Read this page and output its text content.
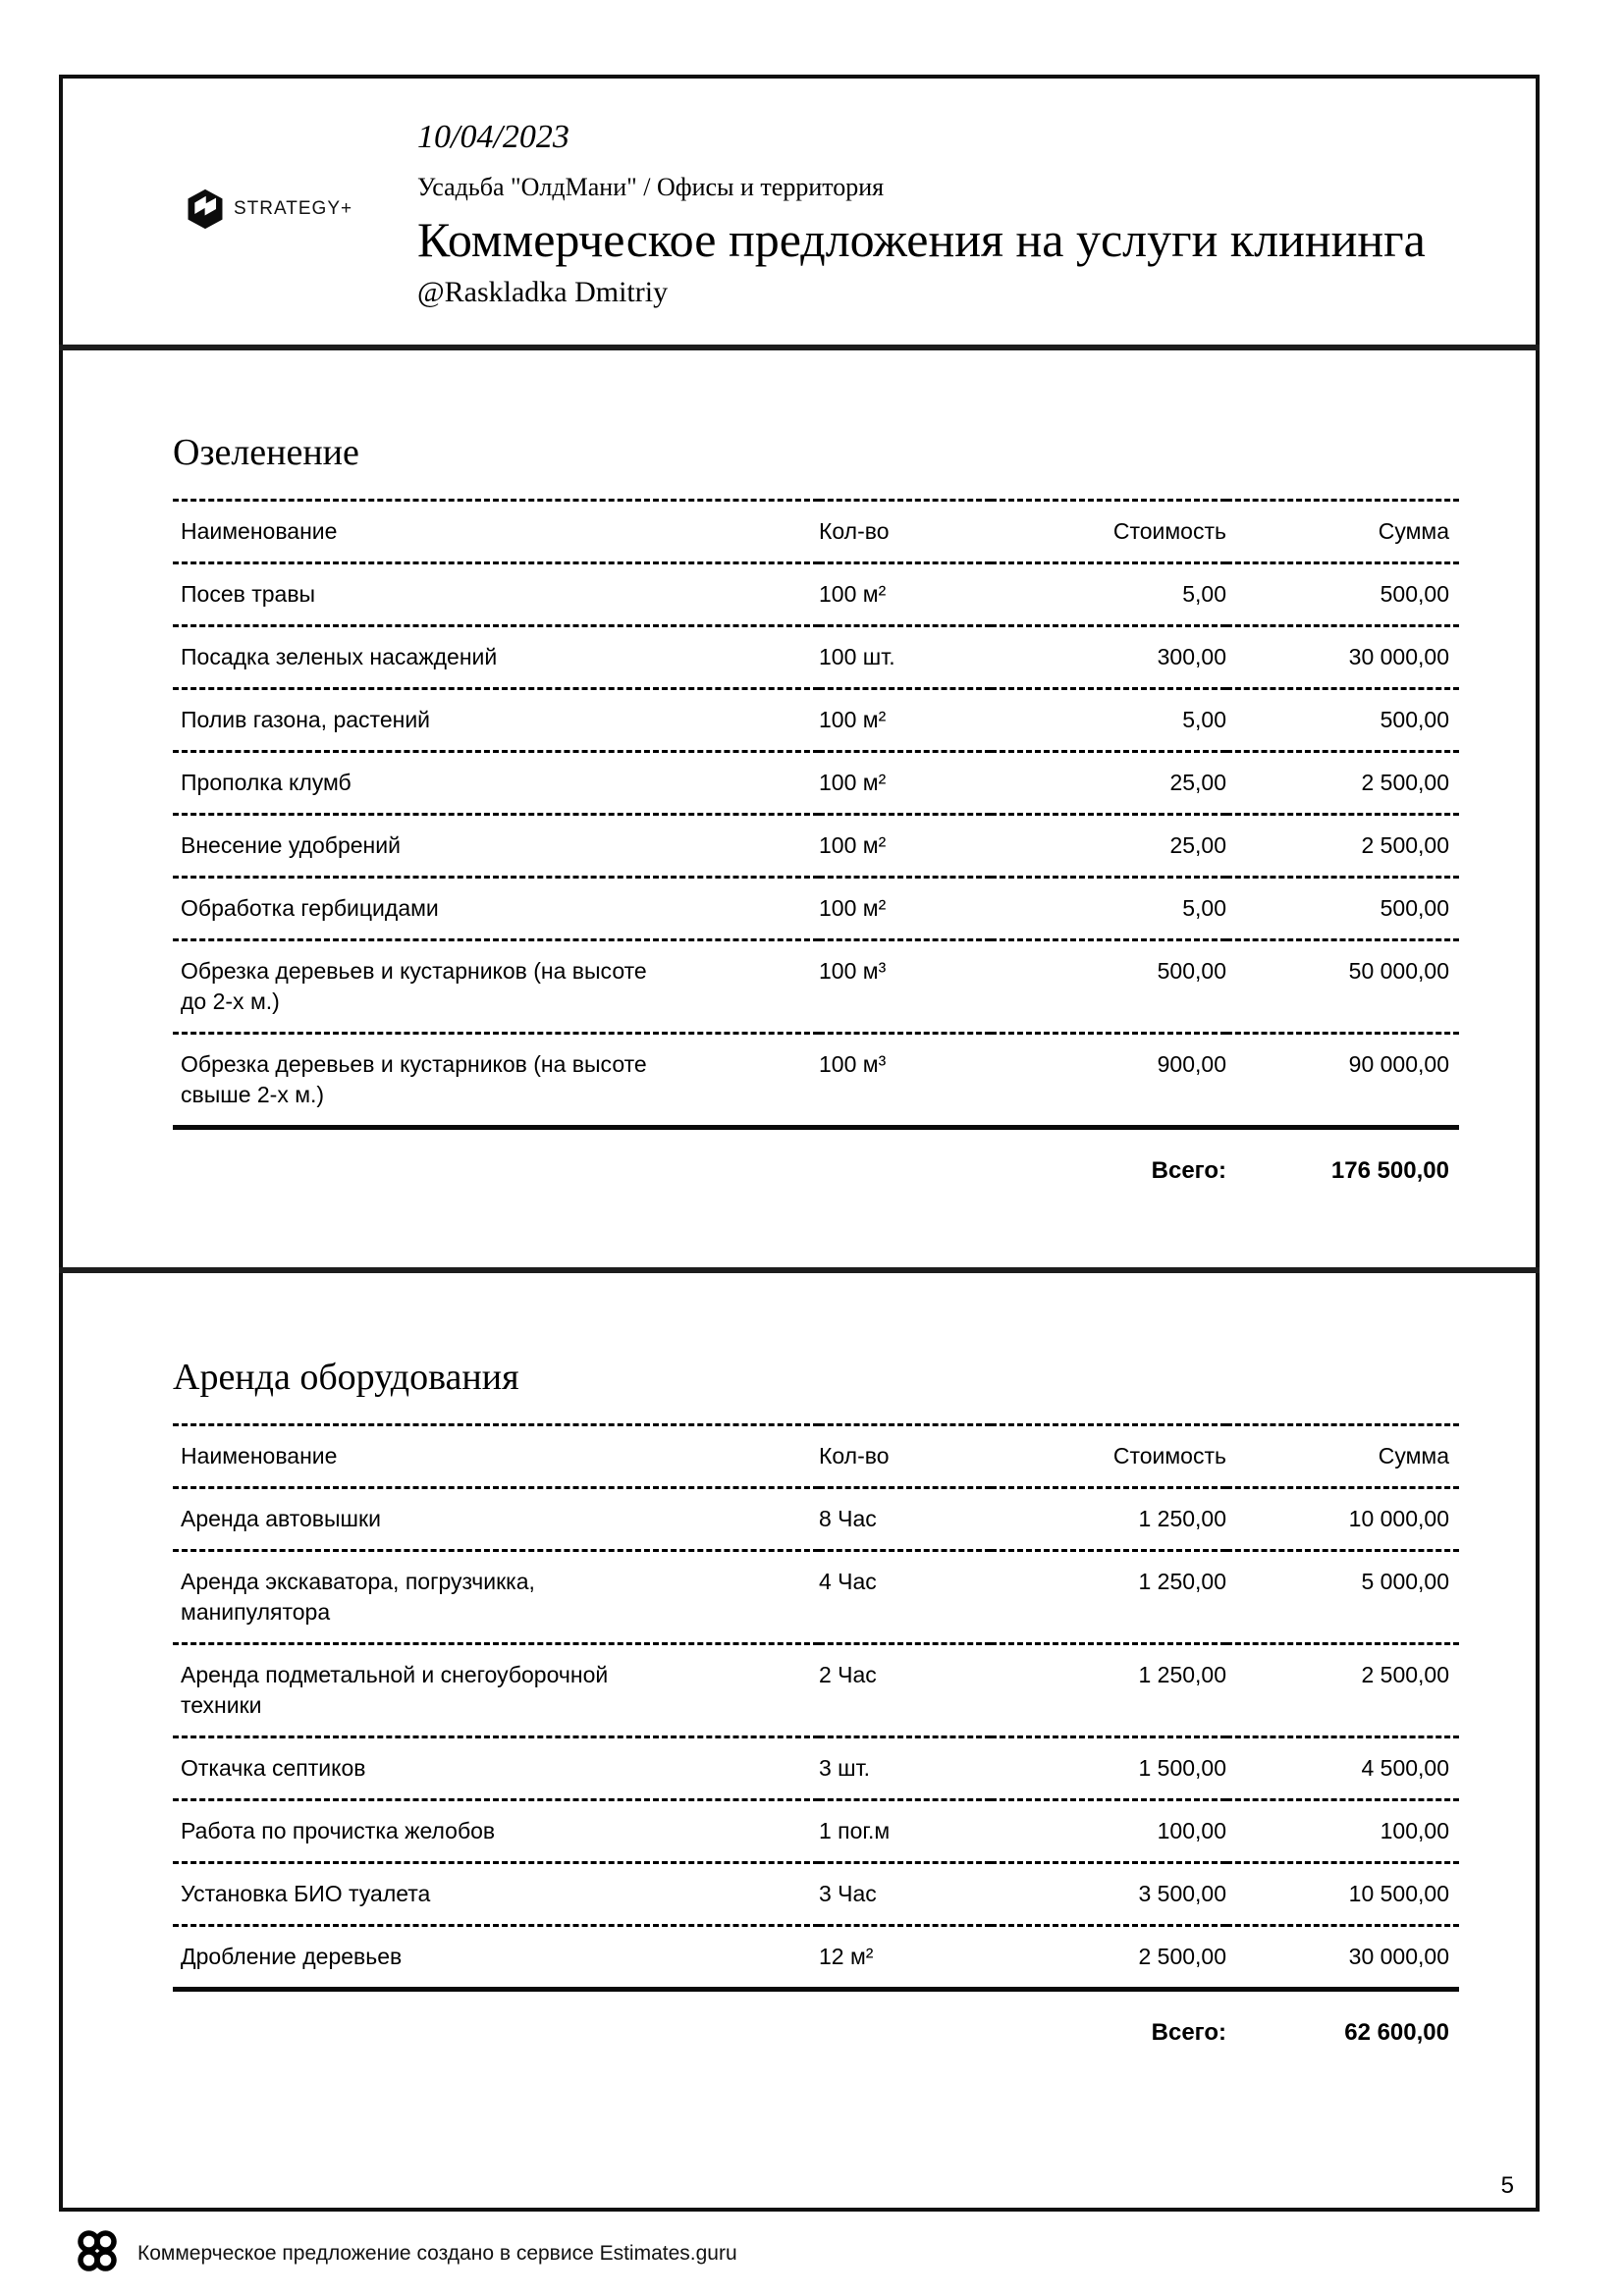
STRATEGY+
10/04/2023
Усадьба "ОлдМани" / Офисы и территория
Коммерческое предложения на услуги клининга
@Raskladka Dmitriy
Озеленение
Наименование	Кол-во	Стоимость	Сумма
Посев травы	100 м²	5,00	500,00
Посадка зеленых насаждений	100 шт.	300,00	30 000,00
Полив газона, растений	100 м²	5,00	500,00
Прополка клумб	100 м²	25,00	2 500,00
Внесение удобрений	100 м²	25,00	2 500,00
Обработка гербицидами	100 м²	5,00	500,00
Обрезка деревьев и кустарников (на высоте до 2-х м.)	100 м³	500,00	50 000,00
Обрезка деревьев и кустарников (на высоте свыше 2-х м.)	100 м³	900,00	90 000,00
Всего:			176 500,00
Аренда оборудования
Наименование	Кол-во	Стоимость	Сумма
Аренда автовышки	8 Час	1 250,00	10 000,00
Аренда экскаватора, погрузчикка, манипулятора	4 Час	1 250,00	5 000,00
Аренда подметальной и снегоуборочной техники	2 Час	1 250,00	2 500,00
Откачка септиков	3 шт.	1 500,00	4 500,00
Работа по прочистка желобов	1 пог.м	100,00	100,00
Установка БИО туалета	3 Час	3 500,00	10 500,00
Дробление деревьев	12 м²	2 500,00	30 000,00
Всего:			62 600,00
5
Коммерческое предложение создано в сервисе Estimates.guru
